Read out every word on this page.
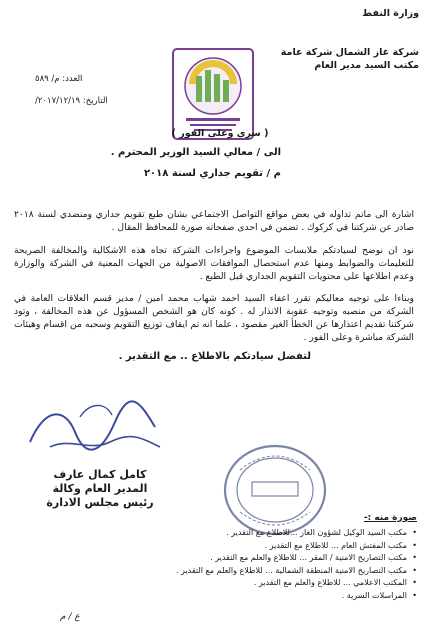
وزارة النفط
شركة غاز الشمال شركة عامة
مكتب السيد مدير العام
العدد: م/ ٥٨٩
التاريخ: ٢٠١٧/١٢/١٩/
( سري وعلى الفور )
الى / معالي السيد الوزير المحترم .
م / تقويم جداري لسنة ٢٠١٨
اشارة الى ماتم تداوله في بعض مواقع التواصل الاجتماعي بشان طبع تقويم جداري ومنضدي لسنة ٢٠١٨ صادر عن شركتنا في كركوك . تضمن في احدى صفحاته صورة للمحافظ المقال .
نود ان نوضح لسيادتكم ملابسات الموضوع واجراءات الشركة تجاه هذه الاشكالية والمخالفة الصريحة للتعليمات والضوابط ومنها عدم استحصال الموافقات الاصولية من الجهات المعنية في الشركة والوزارة وعدم اطلاعها على محتويات التقويم الجداري قبل الطبع .
وبناءا على توجيه معاليكم تقرر اعفاء السيد احمد شهاب محمد امين / مدير قسم العلاقات العامة في الشركة من منصبه وتوجيه عقوبة الانذار له . كونه كان هو الشخص المسؤول عن هذه المخالفة ، وتود شركتنا تقديم اعتذارها عن الخطأ الغير مقصود ، علما انه تم ايقاف توزيع التقويم وسحبه من اقسام وهيئات الشركة مباشرة وعلى الفور .
لتفضل سيادتكم بالاطلاع .. مع التقدير .
كامل كمال عارف
المدير العام وكالة
رئيس مجلس الادارة
صورة منه :-
•
مكتب السيد الوكيل لشؤون الغاز ...للاطلاع مع التقدير .
•
مكتب المفتش العام ... للاطلاع مع التقدير .
•
مكتب التصاريح الامنية / المقر ... للاطلاع والعلم مع التقدير .
•
مكتب التصاريح الامنية المنطقة الشمالية ... للاطلاع والعلم مع التقدير .
•
المكتب الاعلامي ... للاطلاع والعلم مع التقدير .
•
المراسلات السرية .
ع / م
